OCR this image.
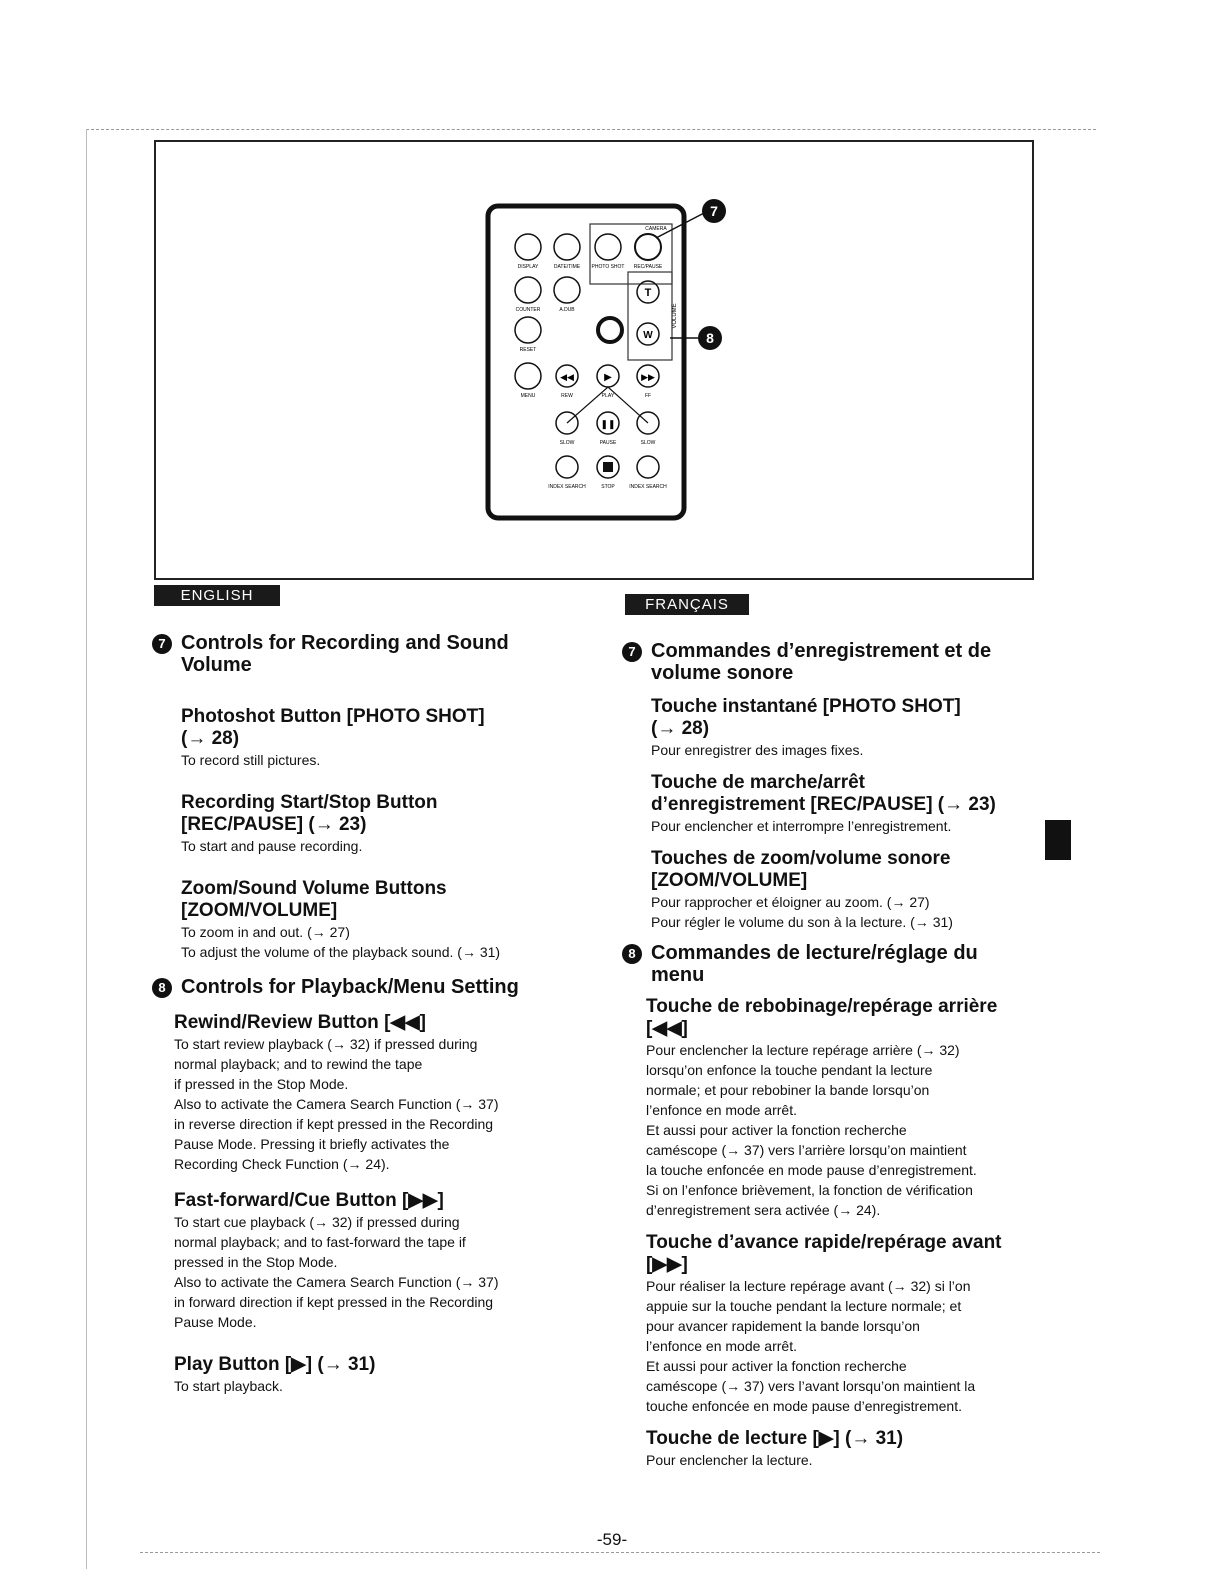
CAMERA
DISPLAY	DATE/TIME PHOTO SHOT REC/PAUSE
T
COUNTER	A.DUB
W
RESET
VOLUME
◀◀	▶	▶▶
MENU	REW	PLAY	FF
❚❚
SLOW	PAUSE	SLOW
INDEX SEARCH	STOP	INDEX SEARCH
7
8
ENGLISH
7 Controls for Recording and Sound Volume
Photoshot Button [PHOTO SHOT] (→ 28)
To record still pictures.
Recording Start/Stop Button [REC/PAUSE] (→ 23)
To start and pause recording.
Zoom/Sound Volume Buttons [ZOOM/VOLUME]
To zoom in and out. (→ 27)
To adjust the volume of the playback sound. (→ 31)
8 Controls for Playback/Menu Setting
Rewind/Review Button [◀◀]
To start review playback (→ 32) if pressed during
normal playback; and to rewind the tape
if pressed in the Stop Mode.
Also to activate the Camera Search Function (→ 37)
in reverse direction if kept pressed in the Recording
Pause Mode. Pressing it briefly activates the
Recording Check Function (→ 24).
Fast-forward/Cue Button [▶▶]
To start cue playback (→ 32) if pressed during
normal playback; and to fast-forward the tape if
pressed in the Stop Mode.
Also to activate the Camera Search Function (→ 37)
in forward direction if kept pressed in the Recording
Pause Mode.
Play Button [▶] (→ 31)
To start playback.
FRANÇAIS
7 Commandes d’enregistrement et de volume sonore
Touche instantané [PHOTO SHOT] (→ 28)
Pour enregistrer des images fixes.
Touche de marche/arrêt d’enregistrement [REC/PAUSE] (→ 23)
Pour enclencher et interrompre l’enregistrement.
Touches de zoom/volume sonore [ZOOM/VOLUME]
Pour rapprocher et éloigner au zoom. (→ 27)
Pour régler le volume du son à la lecture. (→ 31)
8 Commandes de lecture/réglage du menu
Touche de rebobinage/repérage arrière [◀◀]
Pour enclencher la lecture repérage arrière (→ 32)
lorsqu’on enfonce la touche pendant la lecture
normale; et pour rebobiner la bande lorsqu’on
l’enfonce en mode arrêt.
Et aussi pour activer la fonction recherche
caméscope (→ 37) vers l’arrière lorsqu’on maintient
la touche enfoncée en mode pause d’enregistrement.
Si on l’enfonce brièvement, la fonction de vérification
d’enregistrement sera activée (→ 24).
Touche d’avance rapide/repérage avant [▶▶]
Pour réaliser la lecture repérage avant (→ 32) si l’on
appuie sur la touche pendant la lecture normale; et
pour avancer rapidement la bande lorsqu’on
l’enfonce en mode arrêt.
Et aussi pour activer la fonction recherche
caméscope (→ 37) vers l’avant lorsqu’on maintient la
touche enfoncée en mode pause d’enregistrement.
Touche de lecture [▶] (→ 31)
Pour enclencher la lecture.
-59-
